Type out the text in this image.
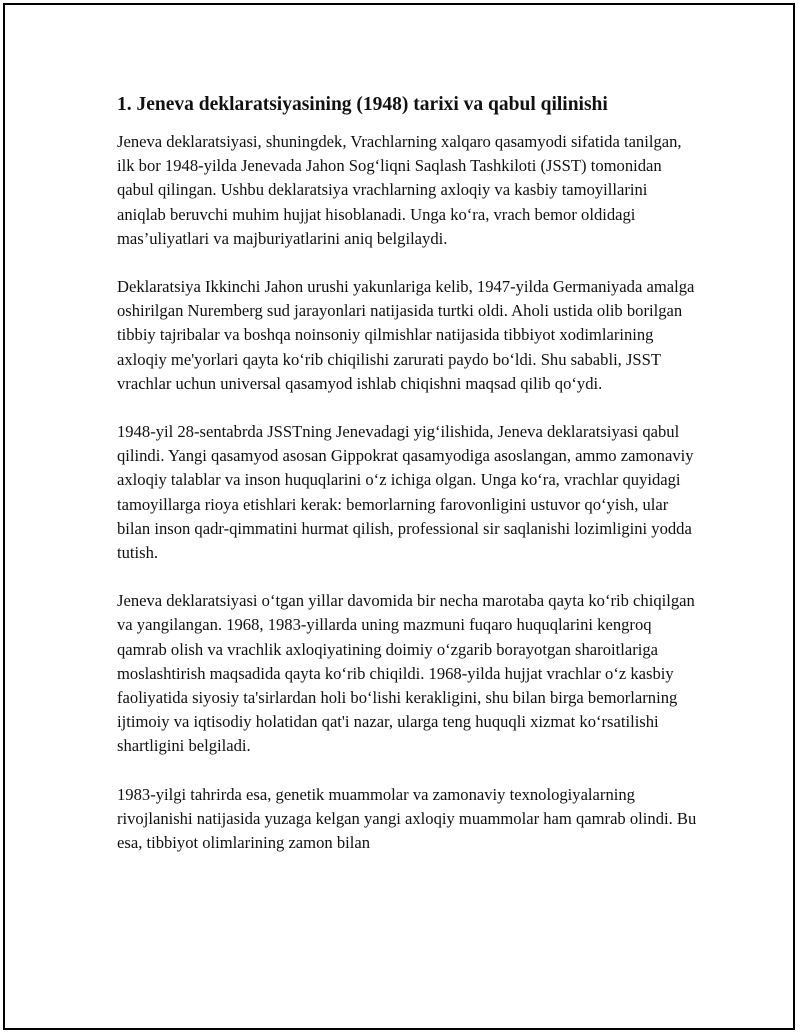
1. Jeneva deklaratsiyasining (1948) tarixi va qabul qilinishi

Jeneva deklaratsiyasi, shuningdek, Vrachlarning xalqaro qasamyodi sifatida tanilgan, ilk bor 1948-yilda Jenevada Jahon Sog‘liqni Saqlash Tashkiloti (JSST) tomonidan qabul qilingan. Ushbu deklaratsiya vrachlarning axloqiy va kasbiy tamoyillarini aniqlab beruvchi muhim hujjat hisoblanadi. Unga ko‘ra, vrach bemor oldidagi mas’uliyatlari va majburiyatlarini aniq belgilaydi.

Deklaratsiya Ikkinchi Jahon urushi yakunlariga kelib, 1947-yilda Germaniyada amalga oshirilgan Nuremberg sud jarayonlari natijasida turtki oldi. Aholi ustida olib borilgan tibbiy tajribalar va boshqa noinsoniy qilmishlar natijasida tibbiyot xodimlarining axloqiy me'yorlari qayta ko‘rib chiqilishi zarurati paydo bo‘ldi. Shu sababli, JSST vrachlar uchun universal qasamyod ishlab chiqishni maqsad qilib qo‘ydi.

1948-yil 28-sentabrda JSSTning Jenevadagi yig‘ilishida, Jeneva deklaratsiyasi qabul qilindi. Yangi qasamyod asosan Gippokrat qasamyodiga asoslangan, ammo zamonaviy axloqiy talablar va inson huquqlarini o‘z ichiga olgan. Unga ko‘ra, vrachlar quyidagi tamoyillarga rioya etishlari kerak: bemorlarning farovonligini ustuvor qo‘yish, ular bilan inson qadr-qimmatini hurmat qilish, professional sir saqlanishi lozimligini yodda tutish.

Jeneva deklaratsiyasi o‘tgan yillar davomida bir necha marotaba qayta ko‘rib chiqilgan va yangilangan. 1968, 1983-yillarda uning mazmuni fuqaro huquqlarini kengroq qamrab olish va vrachlik axloqiyatining doimiy o‘zgarib borayotgan sharoitlariga moslashtirish maqsadida qayta ko‘rib chiqildi. 1968-yilda hujjat vrachlar o‘z kasbiy faoliyatida siyosiy ta'sirlardan holi bo‘lishi kerakligini, shu bilan birga bemorlarning ijtimoiy va iqtisodiy holatidan qat'i nazar, ularga teng huquqli xizmat ko‘rsatilishi shartligini belgiladi.

1983-yilgi tahrirda esa, genetik muammolar va zamonaviy texnologiyalarning rivojlanishi natijasida yuzaga kelgan yangi axloqiy muammolar ham qamrab olindi. Bu esa, tibbiyot olimlarining zamon bilan
